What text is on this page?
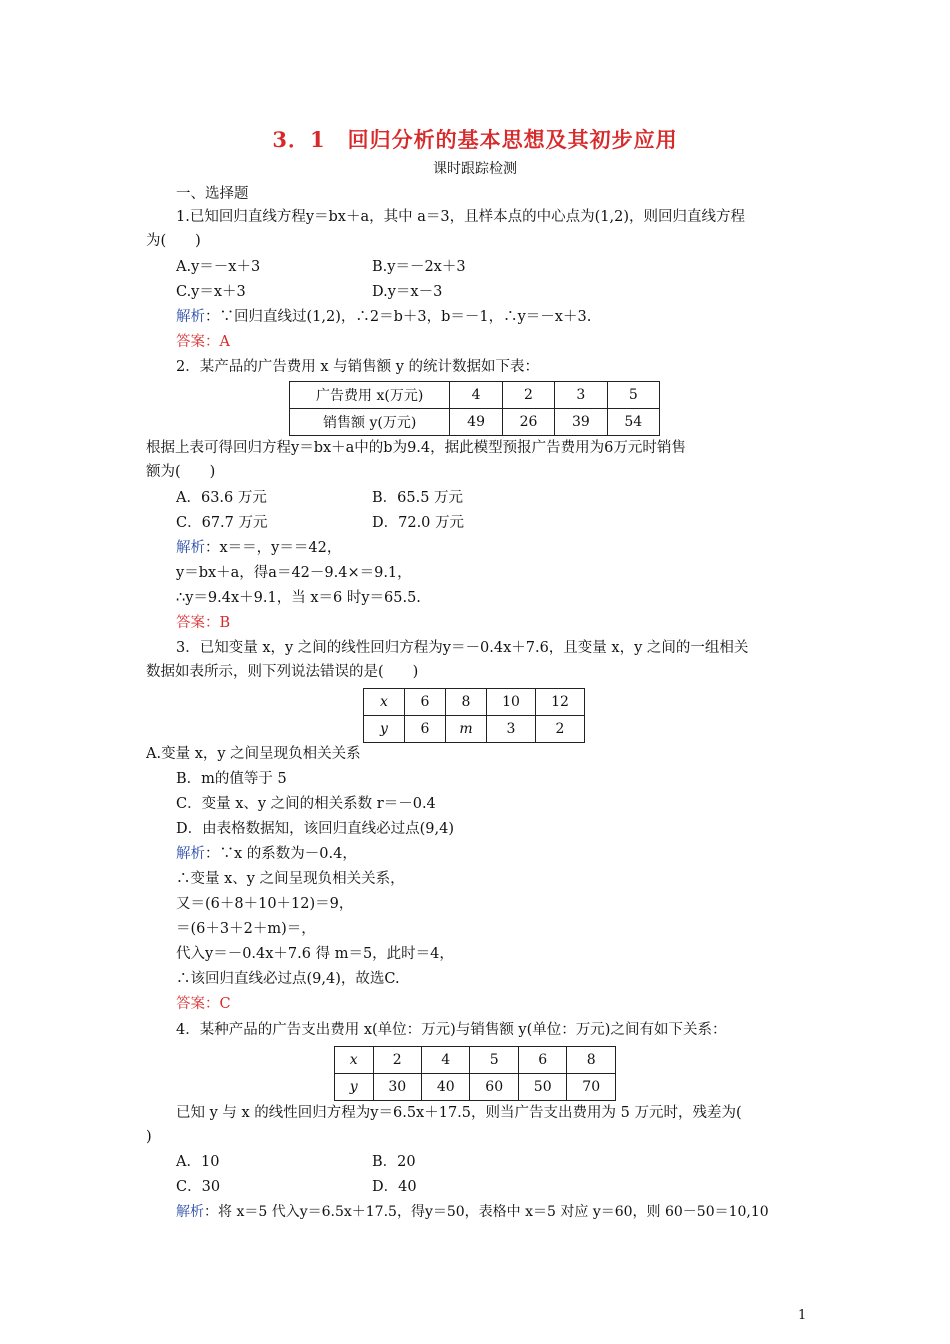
3．1　回归分析的基本思想及其初步应用
课时跟踪检测
一、选择题
1.已知回归直线方程y＝bx＋a，其中 a＝3，且样本点的中心点为(1,2)，则回归直线方程
为(　　)
A.y＝－x＋3	B.y＝－2x＋3
C.y＝x＋3	D.y＝x－3
解析：∵回归直线过(1,2)，∴2＝b＋3，b＝－1，∴y＝－x＋3.
答案：A
2．某产品的广告费用 x 与销售额 y 的统计数据如下表：
广告费用 x(万元)	4	2	3	5
销售额 y(万元)	49	26	39	54
根据上表可得回归方程y＝bx＋a中的b为9.4，据此模型预报广告费用为6万元时销售
额为(　　)
A．63.6 万元	B．65.5 万元
C．67.7 万元	D．72.0 万元
解析：x＝＝，y＝＝42，
y＝bx＋a，得a＝42－9.4×＝9.1，
∴y＝9.4x＋9.1，当 x＝6 时y＝65.5.
答案：B
3．已知变量 x，y 之间的线性回归方程为y＝－0.4x＋7.6，且变量 x，y 之间的一组相关
数据如表所示，则下列说法错误的是(　　)
x	6	8	10	12
y	6	m	3	2
A.变量 x，y 之间呈现负相关关系
B．m的值等于 5
C．变量 x、y 之间的相关系数 r＝－0.4
D．由表格数据知，该回归直线必过点(9,4)
解析：∵x 的系数为－0.4，
∴变量 x、y 之间呈现负相关关系，
又＝(6＋8＋10＋12)＝9，
＝(6＋3＋2＋m)＝，
代入y＝－0.4x＋7.6 得 m＝5，此时＝4，
∴该回归直线必过点(9,4)，故选C.
答案：C
4．某种产品的广告支出费用 x(单位：万元)与销售额 y(单位：万元)之间有如下关系：
x	2	4	5	6	8
y	30	40	60	50	70
已知 y 与 x 的线性回归方程为y＝6.5x＋17.5，则当广告支出费用为 5 万元时，残差为(
)
A．10	B．20
C．30	D．40
解析：将 x＝5 代入y＝6.5x＋17.5，得y＝50，表格中 x＝5 对应 y＝60，则 60－50＝10,10
1
